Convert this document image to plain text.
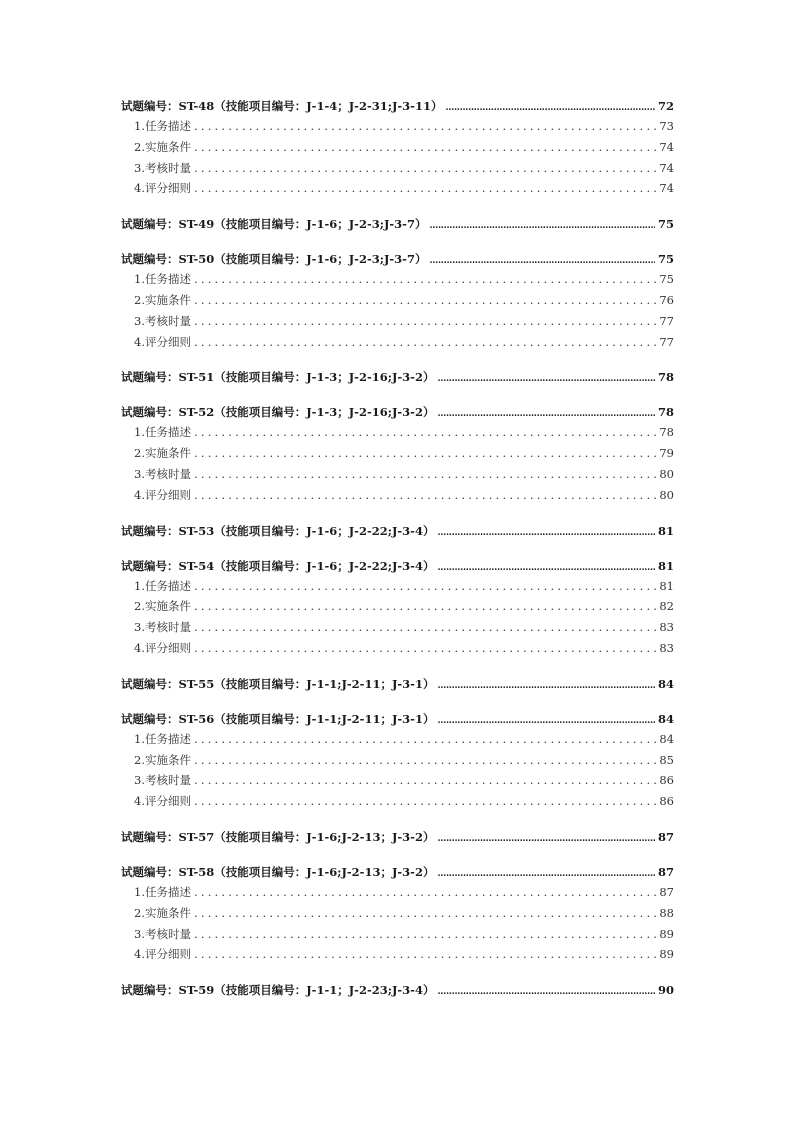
试题编号：ST-48（技能项目编号：J-1-4；J-2-31;J-3-11） .....	72
1.任务描述 .....	73
2.实施条件 .....	74
3.考核时量 .....	74
4.评分细则 .....	74
试题编号：ST-49（技能项目编号：J-1-6；J-2-3;J-3-7） .....	75
试题编号：ST-50（技能项目编号：J-1-6；J-2-3;J-3-7） .....	75
1.任务描述 .....	75
2.实施条件 .....	76
3.考核时量 .....	77
4.评分细则 .....	77
试题编号：ST-51（技能项目编号：J-1-3；J-2-16;J-3-2） .....	78
试题编号：ST-52（技能项目编号：J-1-3；J-2-16;J-3-2） .....	78
1.任务描述 .....	78
2.实施条件 .....	79
3.考核时量 .....	80
4.评分细则 .....	80
试题编号：ST-53（技能项目编号：J-1-6；J-2-22;J-3-4） .....	81
试题编号：ST-54（技能项目编号：J-1-6；J-2-22;J-3-4） .....	81
1.任务描述 .....	81
2.实施条件 .....	82
3.考核时量 .....	83
4.评分细则 .....	83
试题编号：ST-55（技能项目编号：J-1-1;J-2-11；J-3-1） .....	84
试题编号：ST-56（技能项目编号：J-1-1;J-2-11；J-3-1） .....	84
1.任务描述 .....	84
2.实施条件 .....	85
3.考核时量 .....	86
4.评分细则 .....	86
试题编号：ST-57（技能项目编号：J-1-6;J-2-13；J-3-2） .....	87
试题编号：ST-58（技能项目编号：J-1-6;J-2-13；J-3-2） .....	87
1.任务描述 .....	87
2.实施条件 .....	88
3.考核时量 .....	89
4.评分细则 .....	89
试题编号：ST-59（技能项目编号：J-1-1；J-2-23;J-3-4） .....	90
